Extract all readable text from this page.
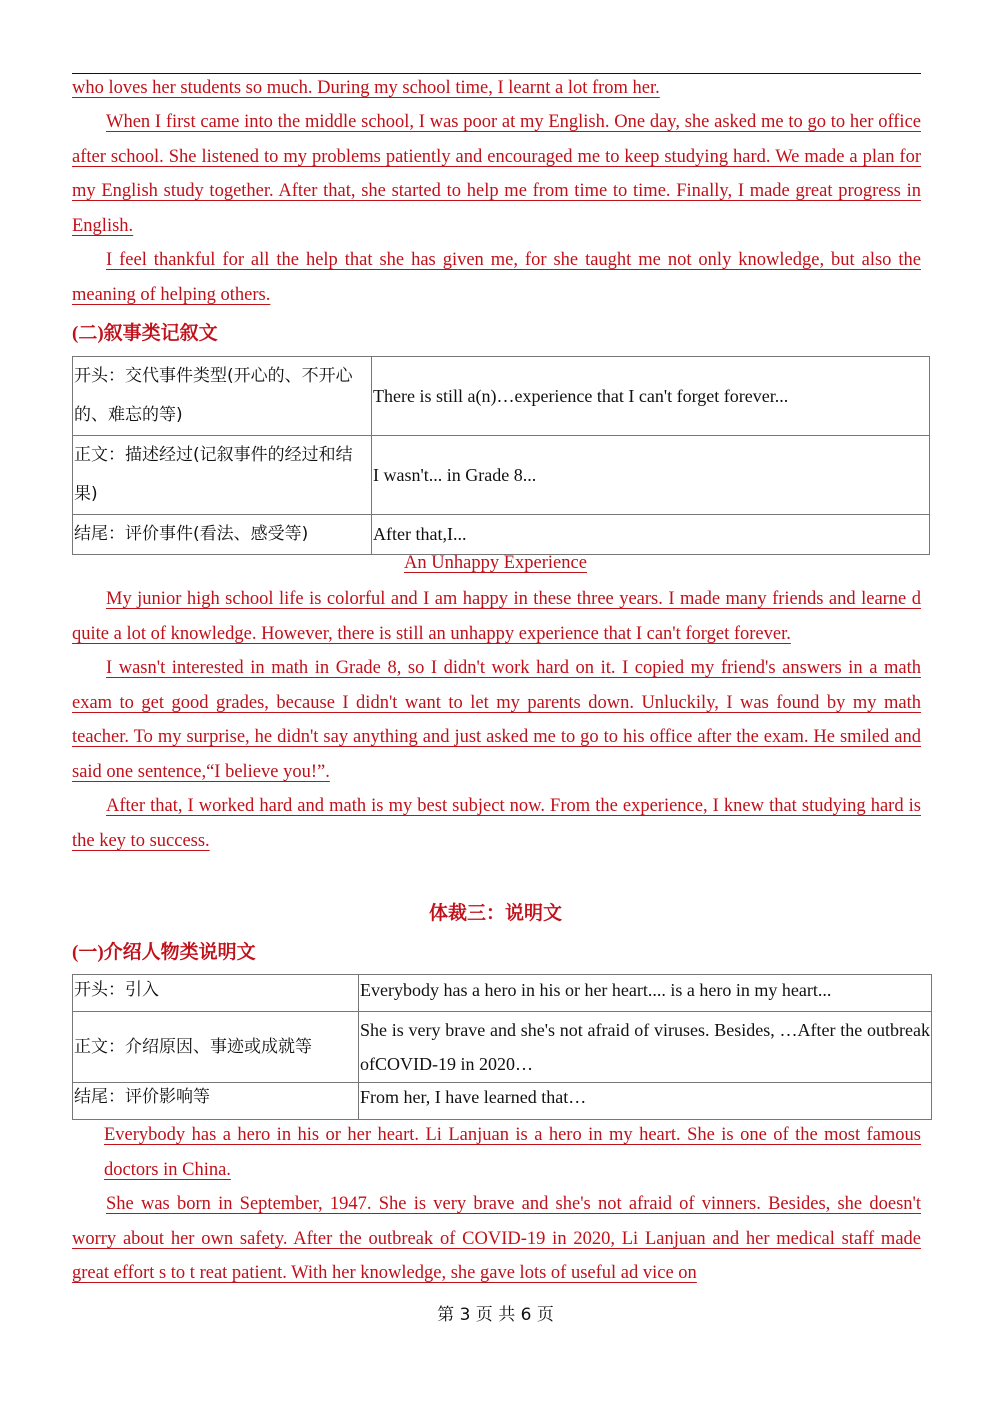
who loves her students so much. During my school time, I learnt a lot from her.

When I first came into the middle school, I was poor at my English. One day, she asked me to go to her office after school. She listened to my problems patiently and encouraged me to keep studying hard. We made a plan for my English study together. After that, she started to help me from time to time. Finally, I made great progress in English.

I feel thankful for all the help that she has given me, for she taught me not only knowledge, but also the meaning of helping others.

(二)叙事类记叙文

开头：交代事件类型(开心的、不开心的、难忘的等)	There is still a(n)…experience that I can't forget forever...
正文：描述经过(记叙事件的经过和结果)	I wasn't... in Grade 8...
结尾：评价事件(看法、感受等)	After that,I...

An Unhappy Experience

My junior high school life is colorful and I am happy in these three years. I made many friends and learne d quite a lot of knowledge. However, there is still an unhappy experience that I can't forget forever.

I wasn't interested in math in Grade 8, so I didn't work hard on it. I copied my friend's answers in a math exam to get good grades, because I didn't want to let my parents down. Unluckily, I was found by my math teacher. To my surprise, he didn't say anything and just asked me to go to his office after the exam. He smiled and said one sentence,“I believe you!”.

After that, I worked hard and math is my best subject now. From the experience, I knew that studying hard is the key to success.

体裁三：说明文

(一)介绍人物类说明文

开头：引入	Everybody has a hero in his or her heart.... is a hero in my heart...
正文：介绍原因、事迹或成就等	She is very brave and she's not afraid of viruses. Besides, …After the outbreak ofCOVID-19 in 2020…
结尾：评价影响等	From her, I have learned that…

Everybody has a hero in his or her heart. Li Lanjuan is a hero in my heart. She is one of the most famous doctors in China.

She was born in September, 1947. She is very brave and she's not afraid of vinners. Besides, she doesn't worry about her own safety. After the outbreak of COVID-19 in 2020, Li Lanjuan and her medical staff made great effort s to t reat patient. With her knowledge, she gave lots of useful ad vice on

第 3 页 共 6 页
